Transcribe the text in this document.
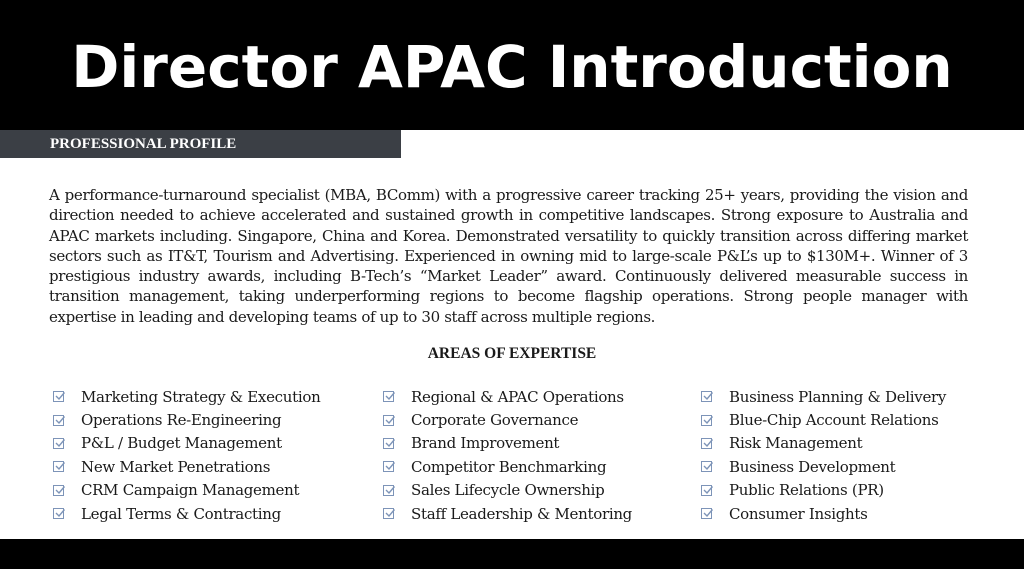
Director APAC Introduction
PROFESSIONAL PROFILE

A performance-turnaround specialist (MBA, BComm) with a progressive career tracking 25+ years, providing the vision and direction needed to achieve accelerated and sustained growth in competitive landscapes. Strong exposure to Australia and APAC markets including. Singapore, China and Korea. Demonstrated versatility to quickly transition across differing market sectors such as IT&T, Tourism and Advertising. Experienced in owning mid to large-scale P&L’s up to $130M+. Winner of 3 prestigious industry awards, including B-Tech’s “Market Leader” award. Continuously delivered measurable success in transition management, taking underperforming regions to become flagship operations. Strong people manager with expertise in leading and developing teams of up to 30 staff across multiple regions.

AREAS OF EXPERTISE
Marketing Strategy & Execution
Operations Re-Engineering
P&L / Budget Management
New Market Penetrations
CRM Campaign Management
Legal Terms & Contracting
Regional & APAC Operations
Corporate Governance
Brand Improvement
Competitor Benchmarking
Sales Lifecycle Ownership
Staff Leadership & Mentoring
Business Planning & Delivery
Blue-Chip Account Relations
Risk Management
Business Development
Public Relations (PR)
Consumer Insights
